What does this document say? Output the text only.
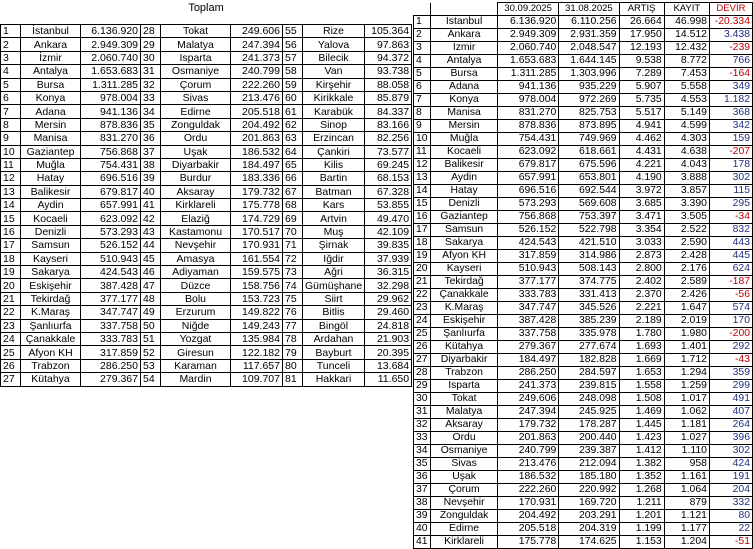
Toplam								
1	İstanbul	6.136.920	28	Tokat	249.606	55	Rize	105.364
2	Ankara	2.949.309	29	Malatya	247.394	56	Yalova	97.863
3	İzmir	2.060.740	30	Isparta	241.373	57	Bilecik	94.372
4	Antalya	1.653.683	31	Osmaniye	240.799	58	Van	93.738
5	Bursa	1.311.285	32	Çorum	222.260	59	Kirşehir	88.058
6	Konya	978.004	33	Sivas	213.476	60	Kirikkale	85.879
7	Adana	941.136	34	Edirne	205.518	61	Karabük	84.337
8	Mersin	878.836	35	Zonguldak	204.492	62	Sinop	83.166
9	Manisa	831.270	36	Ordu	201.863	63	Erzincan	82.256
10	Gaziantep	756.868	37	Uşak	186.532	64	Çankiri	73.577
11	Muğla	754.431	38	Diyarbakir	184.497	65	Kilis	69.245
12	Hatay	696.516	39	Burdur	183.336	66	Bartin	68.153
13	Balikesir	679.817	40	Aksaray	179.732	67	Batman	67.328
14	Aydin	657.991	41	Kirklareli	175.778	68	Kars	53.855
15	Kocaeli	623.092	42	Elaziğ	174.729	69	Artvin	49.470
16	Denizli	573.293	43	Kastamonu	170.517	70	Muş	42.109
17	Samsun	526.152	44	Nevşehir	170.931	71	Şirnak	39.835
18	Kayseri	510.943	45	Amasya	161.554	72	Iğdir	37.939
19	Sakarya	424.543	46	Adiyaman	159.575	73	Ağri	36.315
20	Eskişehir	387.428	47	Düzce	158.756	74	Gümüşhane	32.298
21	Tekirdağ	377.177	48	Bolu	153.723	75	Siirt	29.962
22	K.Maraş	347.747	49	Erzurum	149.822	76	Bitlis	29.460
23	Şanlıurfa	337.758	50	Niğde	149.243	77	Bingöl	24.818
24	Çanakkale	333.783	51	Yozgat	135.984	78	Ardahan	21.903
25	Afyon KH	317.859	52	Giresun	122.182	79	Bayburt	20.395
26	Trabzon	286.250	53	Karaman	117.657	80	Tunceli	13.684
27	Kütahya	279.367	54	Mardin	109.707	81	Hakkari	11.650
		30.09.2025	31.08.2025	ARTIŞ	KAYIT	DEVİR
1	İstanbul	6.136.920	6.110.256	26.664	46.998	-20.334
2	Ankara	2.949.309	2.931.359	17.950	14.512	3.438
3	İzmir	2.060.740	2.048.547	12.193	12.432	-239
4	Antalya	1.653.683	1.644.145	9.538	8.772	766
5	Bursa	1.311.285	1.303.996	7.289	7.453	-164
6	Adana	941.136	935.229	5.907	5.558	349
7	Konya	978.004	972.269	5.735	4.553	1.182
8	Manisa	831.270	825.753	5.517	5.149	368
9	Mersin	878.836	873.895	4.941	4.599	342
10	Muğla	754.431	749.969	4.462	4.303	159
11	Kocaeli	623.092	618.661	4.431	4.638	-207
12	Balikesir	679.817	675.596	4.221	4.043	178
13	Aydin	657.991	653.801	4.190	3.888	302
14	Hatay	696.516	692.544	3.972	3.857	115
15	Denizli	573.293	569.608	3.685	3.390	295
16	Gaziantep	756.868	753.397	3.471	3.505	-34
17	Samsun	526.152	522.798	3.354	2.522	832
18	Sakarya	424.543	421.510	3.033	2.590	443
19	Afyon KH	317.859	314.986	2.873	2.428	445
20	Kayseri	510.943	508.143	2.800	2.176	624
21	Tekirdağ	377.177	374.775	2.402	2.589	-187
22	Çanakkale	333.783	331.413	2.370	2.426	-56
23	K.Maraş	347.747	345.526	2.221	1.647	574
24	Eskişehir	387.428	385.239	2.189	2.019	170
25	Şanlıurfa	337.758	335.978	1.780	1.980	-200
26	Kütahya	279.367	277.674	1.693	1.401	292
27	Diyarbakir	184.497	182.828	1.669	1.712	-43
28	Trabzon	286.250	284.597	1.653	1.294	359
29	Isparta	241.373	239.815	1.558	1.259	299
30	Tokat	249.606	248.098	1.508	1.017	491
31	Malatya	247.394	245.925	1.469	1.062	407
32	Aksaray	179.732	178.287	1.445	1.181	264
33	Ordu	201.863	200.440	1.423	1.027	396
34	Osmaniye	240.799	239.387	1.412	1.110	302
35	Sivas	213.476	212.094	1.382	958	424
36	Uşak	186.532	185.180	1.352	1.161	191
37	Çorum	222.260	220.992	1.268	1.064	204
38	Nevşehir	170.931	169.720	1.211	879	332
39	Zonguldak	204.492	203.291	1.201	1.121	80
40	Edirne	205.518	204.319	1.199	1.177	22
41	Kirklareli	175.778	174.625	1.153	1.204	-51
